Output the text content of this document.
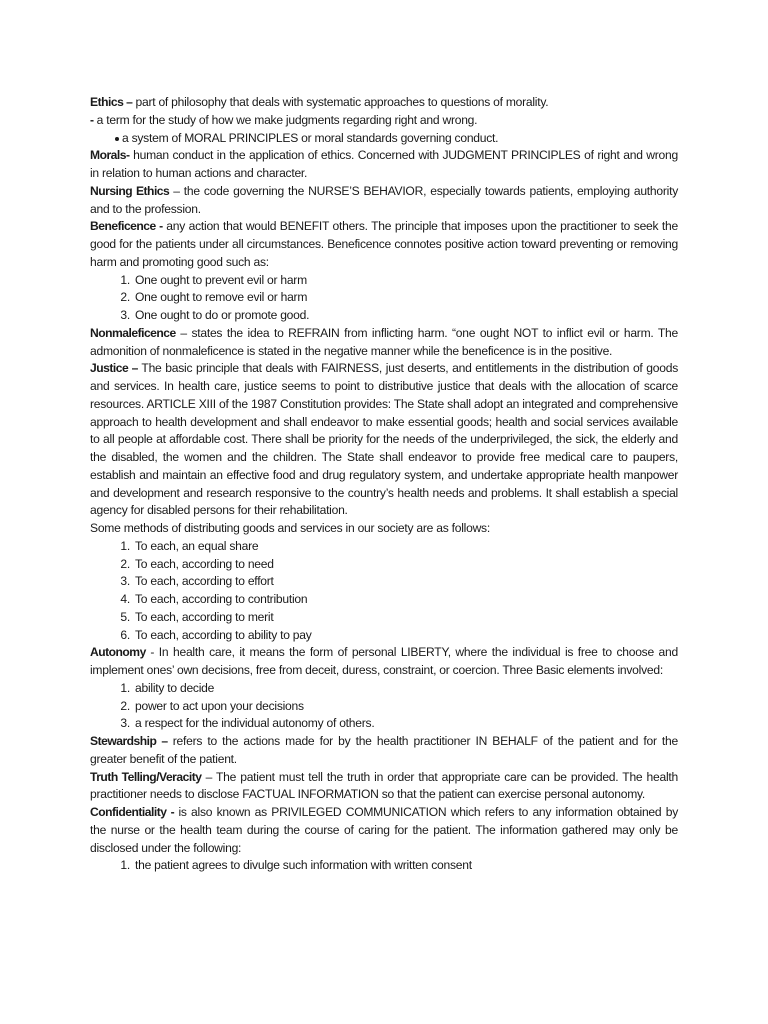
Ethics – part of philosophy that deals with systematic approaches to questions of morality.

- a term for the study of how we make judgments regarding right and wrong.

a system of MORAL PRINCIPLES or moral standards governing conduct.

Morals- human conduct in the application of ethics. Concerned with JUDGMENT PRINCIPLES of right and wrong in relation to human actions and character.

Nursing Ethics – the code governing the NURSE’S BEHAVIOR, especially towards patients, employing authority and to the profession.

Beneficence - any action that would BENEFIT others. The principle that imposes upon the practitioner to seek the good for the patients under all circumstances. Beneficence connotes positive action toward preventing or removing harm and promoting good such as:

1. One ought to prevent evil or harm
2. One ought to remove evil or harm
3. One ought to do or promote good.

Nonmaleficence – states the idea to REFRAIN from inflicting harm. “one ought NOT to inflict evil or harm. The admonition of nonmaleficence is stated in the negative manner while the beneficence is in the positive.

Justice – The basic principle that deals with FAIRNESS, just deserts, and entitlements in the distribution of goods and services. In health care, justice seems to point to distributive justice that deals with the allocation of scarce resources. ARTICLE XIII of the 1987 Constitution provides: The State shall adopt an integrated and comprehensive approach to health development and shall endeavor to make essential goods; health and social services available to all people at affordable cost. There shall be priority for the needs of the underprivileged, the sick, the elderly and the disabled, the women and the children. The State shall endeavor to provide free medical care to paupers, establish and maintain an effective food and drug regulatory system, and undertake appropriate health manpower and development and research responsive to the country’s health needs and problems. It shall establish a special agency for disabled persons for their rehabilitation.

Some methods of distributing goods and services in our society are as follows:

1. To each, an equal share
2. To each, according to need
3. To each, according to effort
4. To each, according to contribution
5. To each, according to merit
6. To each, according to ability to pay

Autonomy - In health care, it means the form of personal LIBERTY, where the individual is free to choose and implement ones’ own decisions, free from deceit, duress, constraint, or coercion. Three Basic elements involved:

1. ability to decide
2. power to act upon your decisions
3. a respect for the individual autonomy of others.

Stewardship – refers to the actions made for by the health practitioner IN BEHALF of the patient and for the greater benefit of the patient.

Truth Telling/Veracity – The patient must tell the truth in order that appropriate care can be provided. The health practitioner needs to disclose FACTUAL INFORMATION so that the patient can exercise personal autonomy.

Confidentiality - is also known as PRIVILEGED COMMUNICATION which refers to any information obtained by the nurse or the health team during the course of caring for the patient. The information gathered may only be disclosed under the following:

1. the patient agrees to divulge such information with written consent
